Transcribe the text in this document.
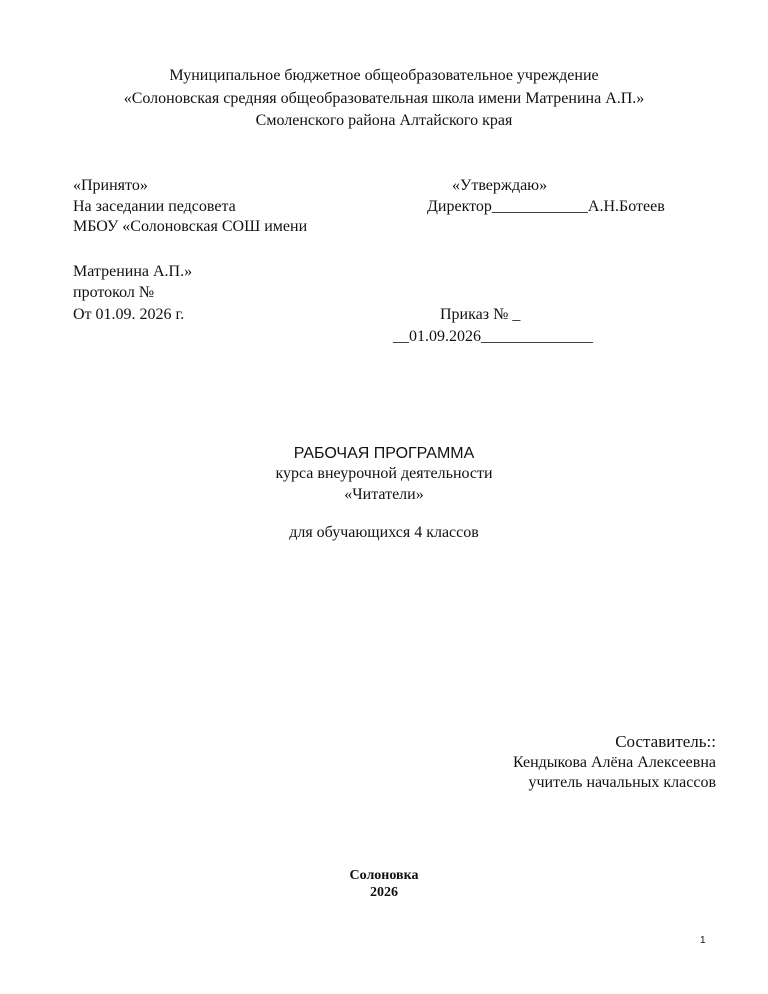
Муниципальное бюджетное общеобразовательное учреждение
«Солоновская средняя общеобразовательная школа имени Матренина А.П.»
Смоленского района Алтайского края
«Принято»
На заседании педсовета
МБОУ «Солоновская СОШ имени
Матренина А.П.»
протокол №
От 01.09. 2026 г.
«Утверждаю»
Директор____________А.Н.Ботеев
Приказ № _
__01.09.2026______________
РАБОЧАЯ ПРОГРАММА
курса внеурочной деятельности
«Читатели»
для обучающихся 4 классов
Составитель::
Кендыкова Алёна Алексеевна
учитель начальных классов
Солоновка
2026
1
